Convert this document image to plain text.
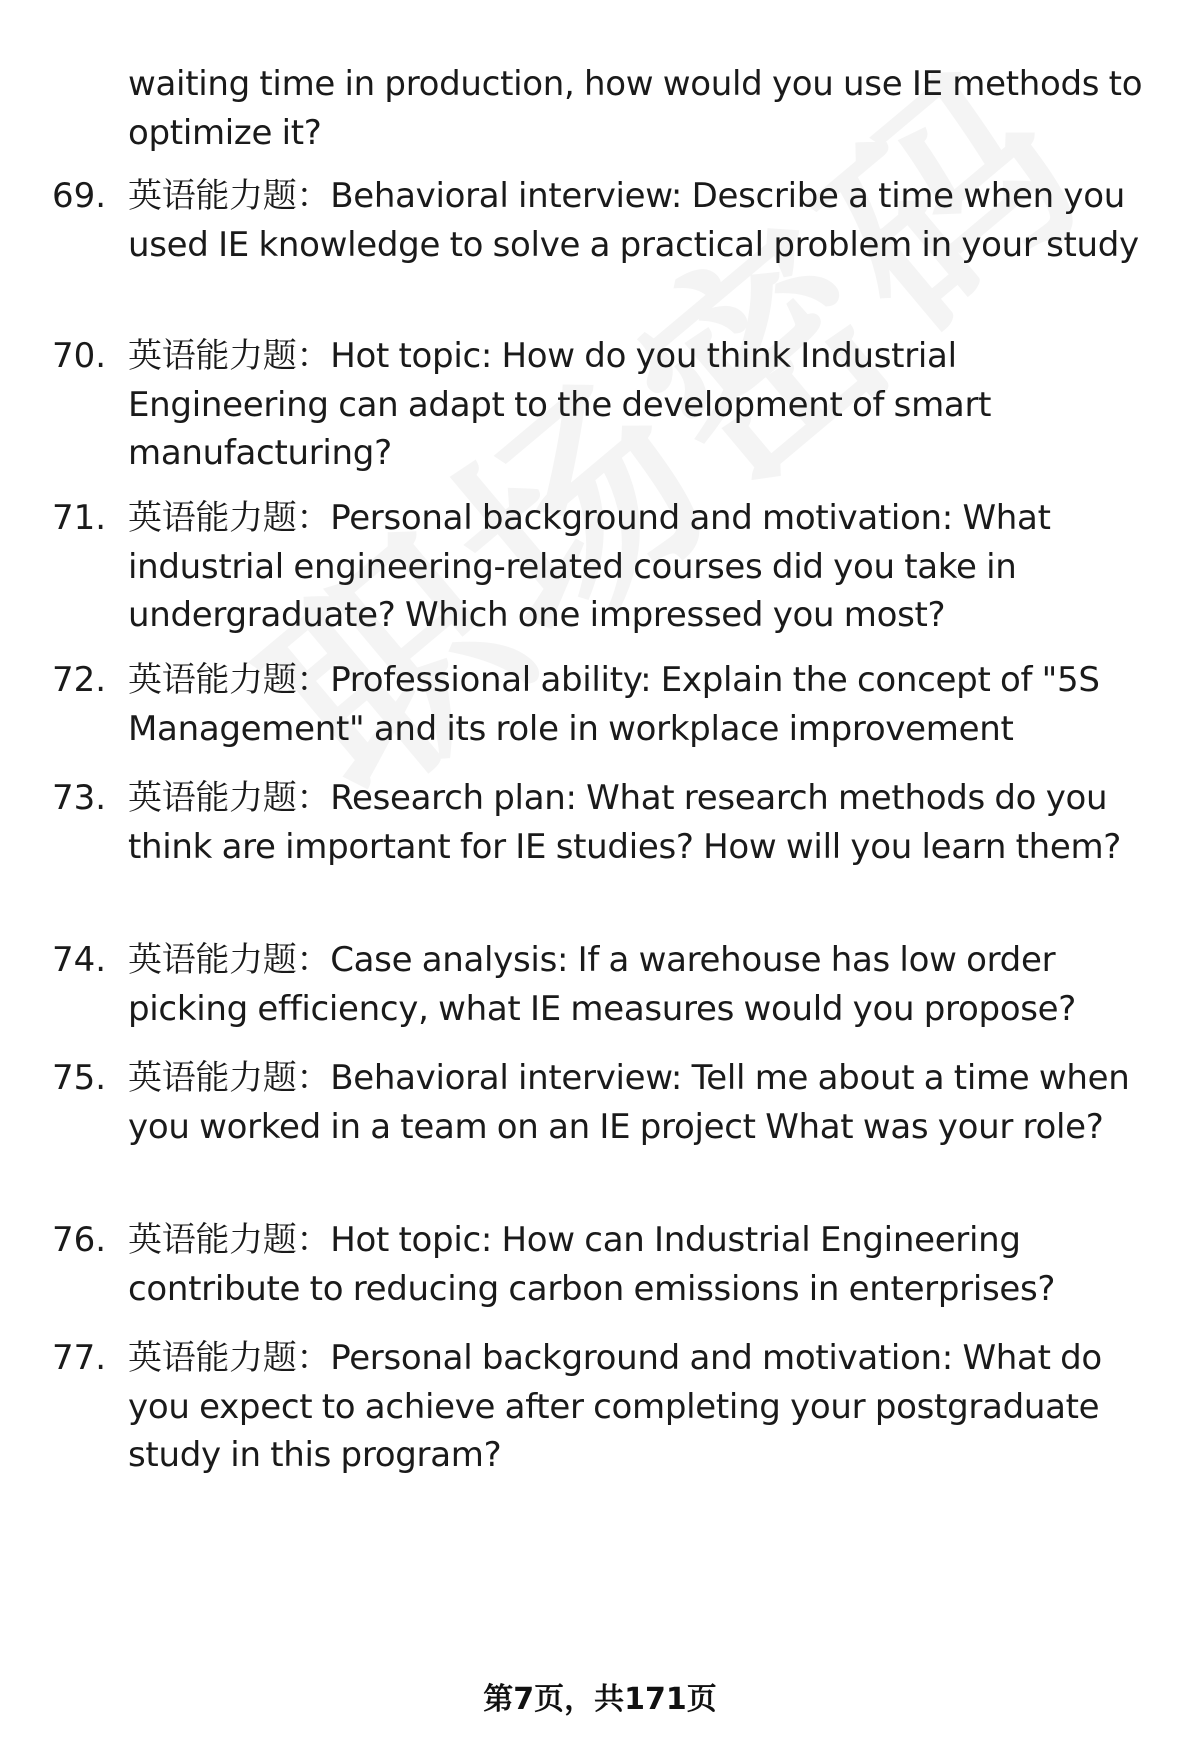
waiting time in production, how would you use IE methods to optimize it?
69. 英语能力题：Behavioral interview: Describe a time when you used IE knowledge to solve a practical problem in your study
70. 英语能力题：Hot topic: How do you think Industrial Engineering can adapt to the development of smart manufacturing?
71. 英语能力题：Personal background and motivation: What industrial engineering-related courses did you take in undergraduate? Which one impressed you most?
72. 英语能力题：Professional ability: Explain the concept of "5S Management" and its role in workplace improvement
73. 英语能力题：Research plan: What research methods do you think are important for IE studies? How will you learn them?
74. 英语能力题：Case analysis: If a warehouse has low order picking efficiency, what IE measures would you propose?
75. 英语能力题：Behavioral interview: Tell me about a time when you worked in a team on an IE project What was your role?
76. 英语能力题：Hot topic: How can Industrial Engineering contribute to reducing carbon emissions in enterprises?
77. 英语能力题：Personal background and motivation: What do you expect to achieve after completing your postgraduate study in this program?
第7页，共171页
